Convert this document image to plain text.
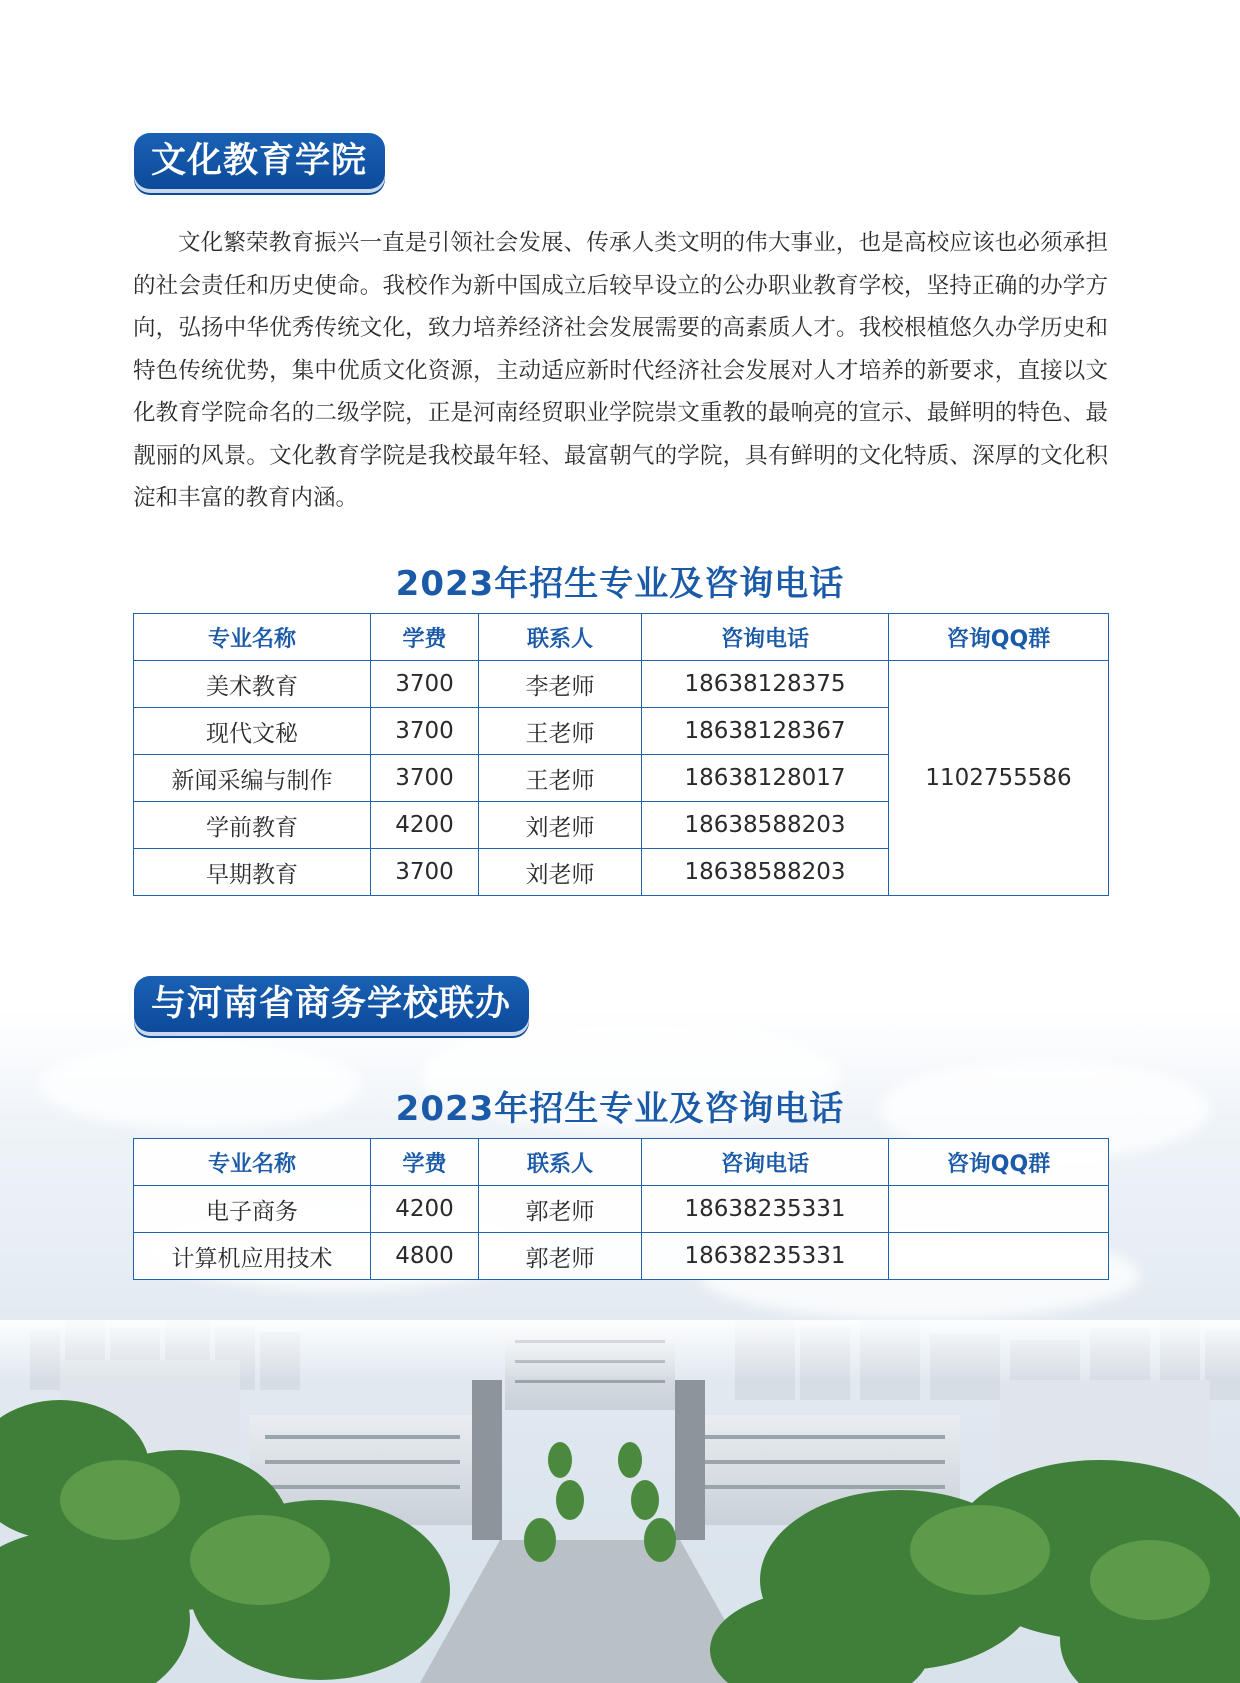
文化教育学院

文化繁荣教育振兴一直是引领社会发展、传承人类文明的伟大事业，也是高校应该也必须承担的社会责任和历史使命。我校作为新中国成立后较早设立的公办职业教育学校，坚持正确的办学方向，弘扬中华优秀传统文化，致力培养经济社会发展需要的高素质人才。我校根植悠久办学历史和特色传统优势，集中优质文化资源，主动适应新时代经济社会发展对人才培养的新要求，直接以文化教育学院命名的二级学院，正是河南经贸职业学院崇文重教的最响亮的宣示、最鲜明的特色、最靓丽的风景。文化教育学院是我校最年轻、最富朝气的学院，具有鲜明的文化特质、深厚的文化积淀和丰富的教育内涵。

2023年招生专业及咨询电话
专业名称	学费	联系人	咨询电话	咨询QQ群
美术教育	3700	李老师	18638128375	1102755586
现代文秘	3700	王老师	18638128367	
新闻采编与制作	3700	王老师	18638128017	
学前教育	4200	刘老师	18638588203	
早期教育	3700	刘老师	18638588203	
与河南省商务学校联办
2023年招生专业及咨询电话
专业名称	学费	联系人	咨询电话	咨询QQ群
电子商务	4200	郭老师	18638235331	
计算机应用技术	4800	郭老师	18638235331	
